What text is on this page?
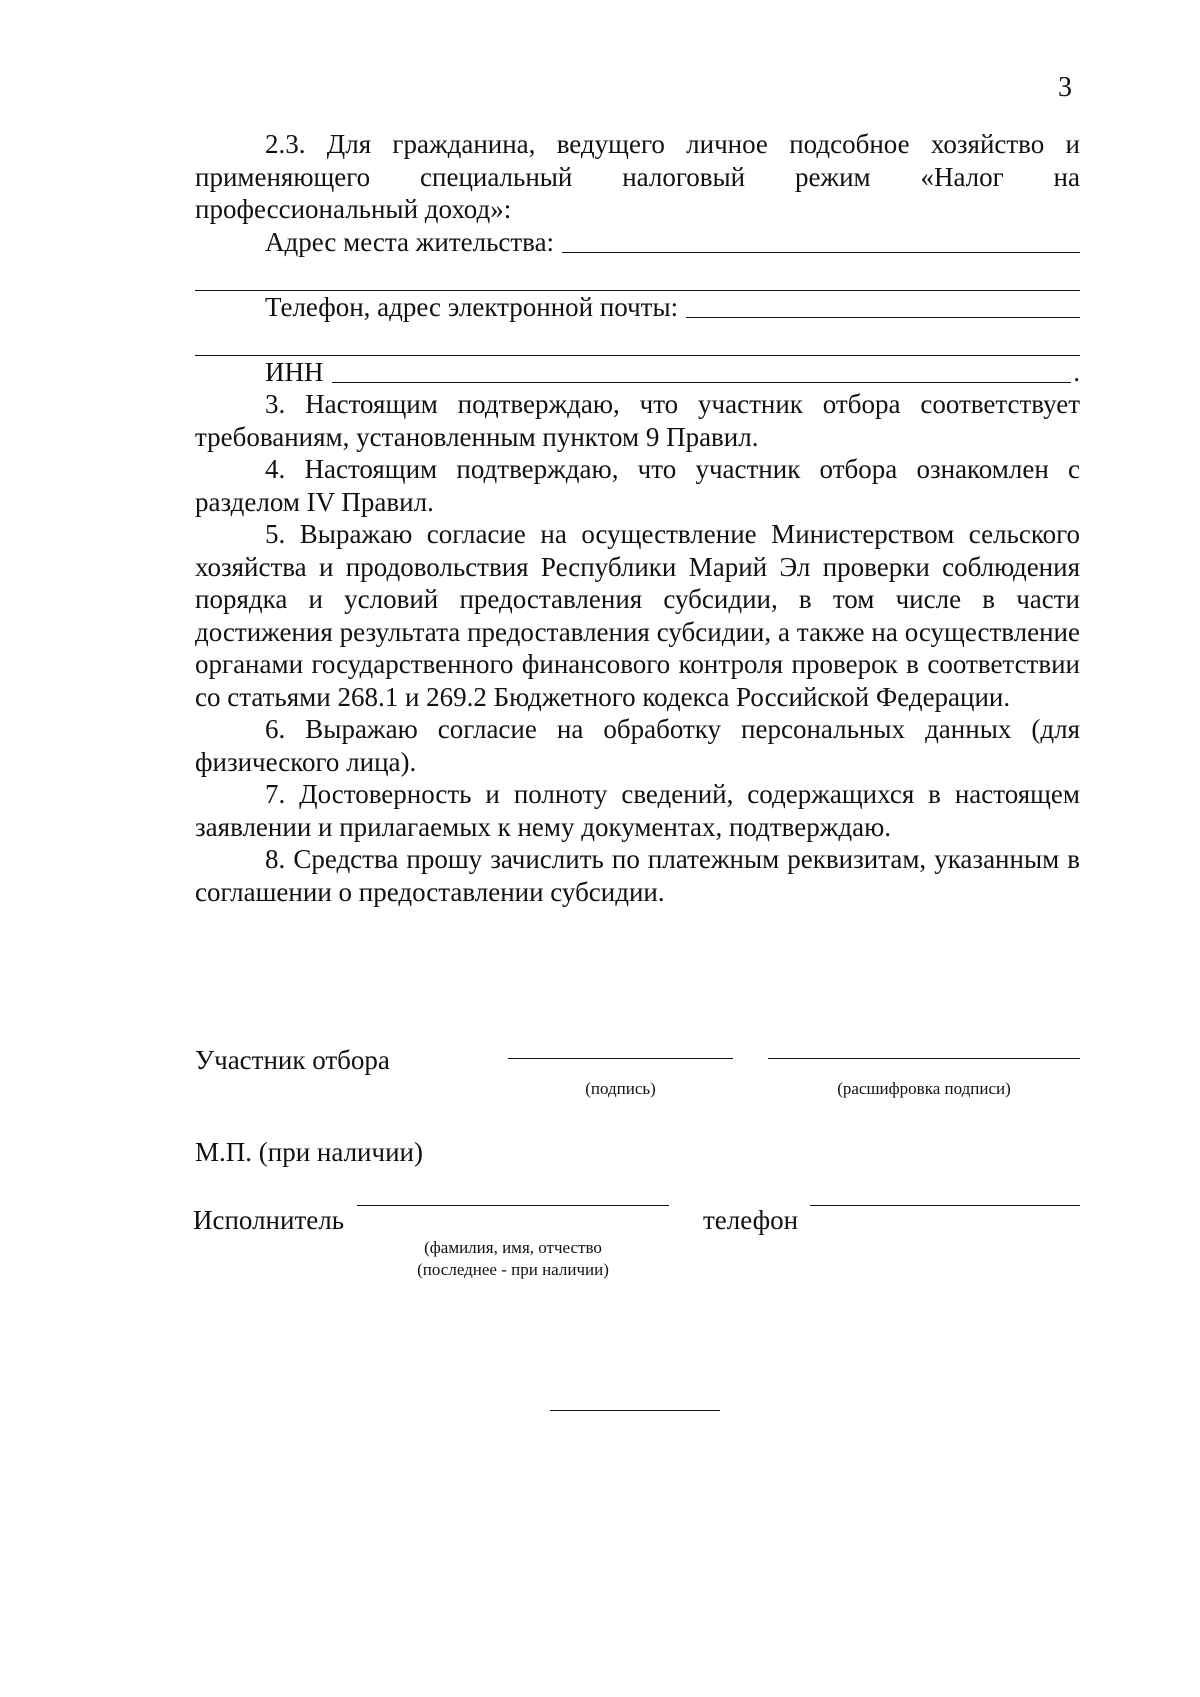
3

2.3. Для гражданина, ведущего личное подсобное хозяйство и применяющего специальный налоговый режим «Налог на профессиональный доход»:

Адрес места жительства:
Телефон, адрес электронной почты:
ИНН	.

3. Настоящим подтверждаю, что участник отбора соответствует требованиям, установленным пунктом 9 Правил.

4. Настоящим подтверждаю, что участник отбора ознакомлен с разделом IV Правил.

5. Выражаю согласие на осуществление Министерством сельского хозяйства и продовольствия Республики Марий Эл проверки соблюдения порядка и условий предоставления субсидии, в том числе в части достижения результата предоставления субсидии, а также на осуществление органами государственного финансового контроля проверок в соответствии со статьями 268.1 и 269.2 Бюджетного кодекса Российской Федерации.

6. Выражаю согласие на обработку персональных данных (для физического лица).

7. Достоверность и полноту сведений, содержащихся в настоящем заявлении и прилагаемых к нему документах, подтверждаю.

8. Средства прошу зачислить по платежным реквизитам, указанным в соглашении о предоставлении субсидии.

Участник отбора
(подпись)	(расшифровка подписи)
М.П. (при наличии)
Исполнитель
(фамилия, имя, отчество
(последнее - при наличии)
телефон
